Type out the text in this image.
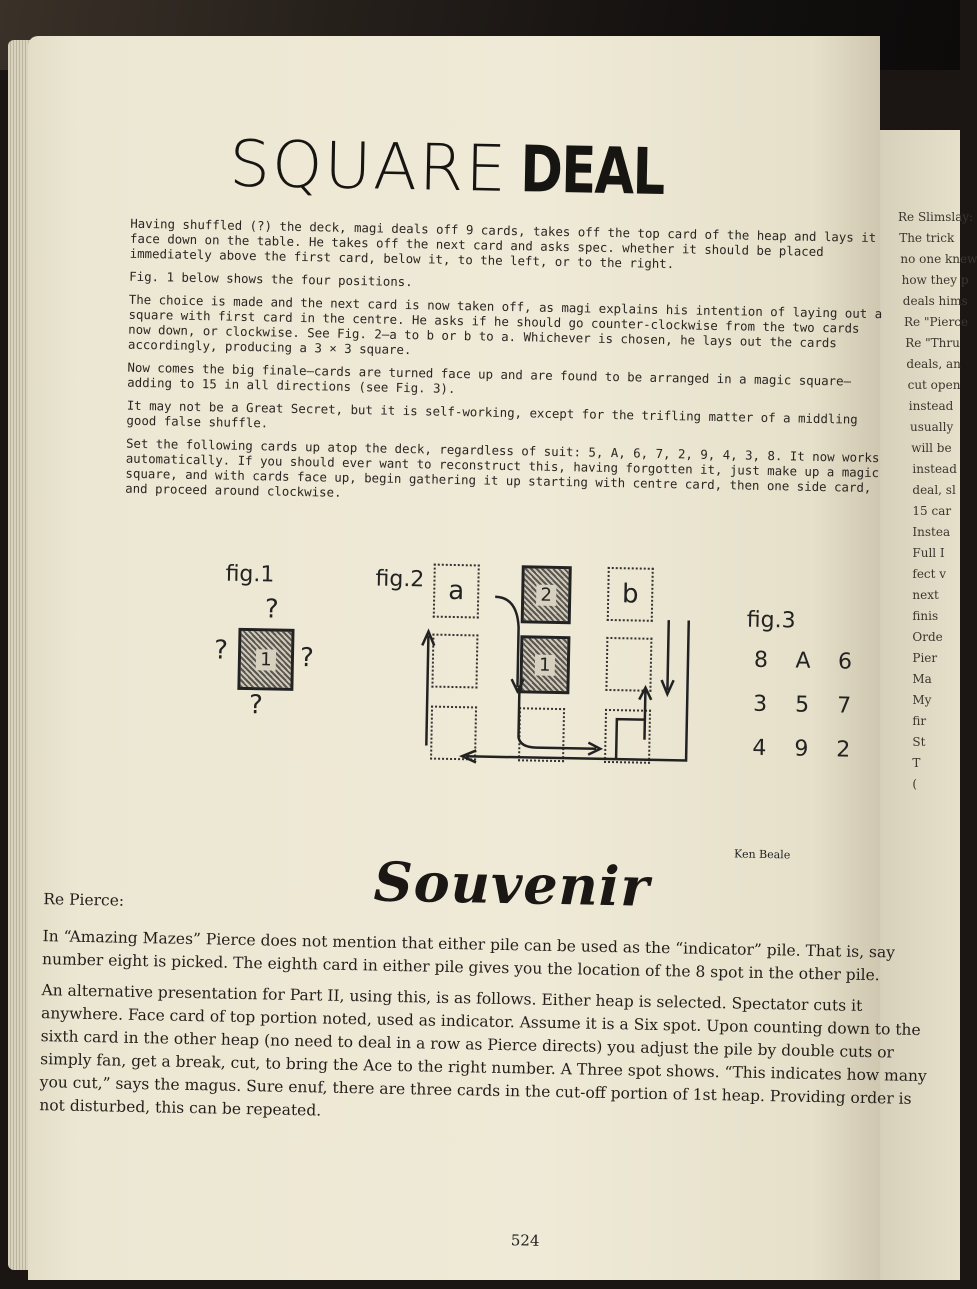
Re Slimslay:
The trick
no one knew
how they p
deals hims
Re "Pierce
Re "Thru
deals, an
cut open
instead
usually
will be
instead
deal, sl
15 car
Instea
Full I
fect v
next
finis
Orde
Pier
Ma
My
fir
St
T
(
SQUARE DEAL

Having shuffled (?) the deck, magi deals off 9 cards, takes off the top card of the heap and lays it face down on the table. He takes off the next card and asks spec. whether it should be placed immediately above the first card, below it, to the left, or to the right.

Fig. 1 below shows the four positions.

The choice is made and the next card is now taken off, as magi explains his intention of laying out a square with first card in the centre. He asks if he should go counter-clockwise from the two cards now down, or clockwise. See Fig. 2—a to b or b to a. Whichever is chosen, he lays out the cards accordingly, producing a 3 × 3 square.

Now comes the big finale—cards are turned face up and are found to be arranged in a magic square—adding to 15 in all directions (see Fig. 3).

It may not be a Great Secret, but it is self-working, except for the trifling matter of a middling good false shuffle.

Set the following cards up atop the deck, regardless of suit: 5, A, 6, 7, 2, 9, 4, 3, 8. It now works automatically. If you should ever want to reconstruct this, having forgotten it, just make up a magic square, and with cards face up, begin gathering it up starting with centre card, then one side card, and proceed around clockwise.

fig.1
?
?	?
?
1
fig.2 a	2	b
1
fig.3
8 A 6
3 5 7
4 9 2
Ken Beale
Souvenir

Re Pierce:

In “Amazing Mazes” Pierce does not mention that either pile can be used as the “indicator” pile. That is, say number eight is picked. The eighth card in either pile gives you the location of the 8 spot in the other pile.

An alternative presentation for Part II, using this, is as follows. Either heap is selected. Spectator cuts it anywhere. Face card of top portion noted, used as indicator. Assume it is a Six spot. Upon counting down to the sixth card in the other heap (no need to deal in a row as Pierce directs) you adjust the pile by double cuts or simply fan, get a break, cut, to bring the Ace to the right number. A Three spot shows. “This indicates how many you cut,” says the magus. Sure enuf, there are three cards in the cut-off portion of 1st heap. Providing order is not disturbed, this can be repeated.

524
